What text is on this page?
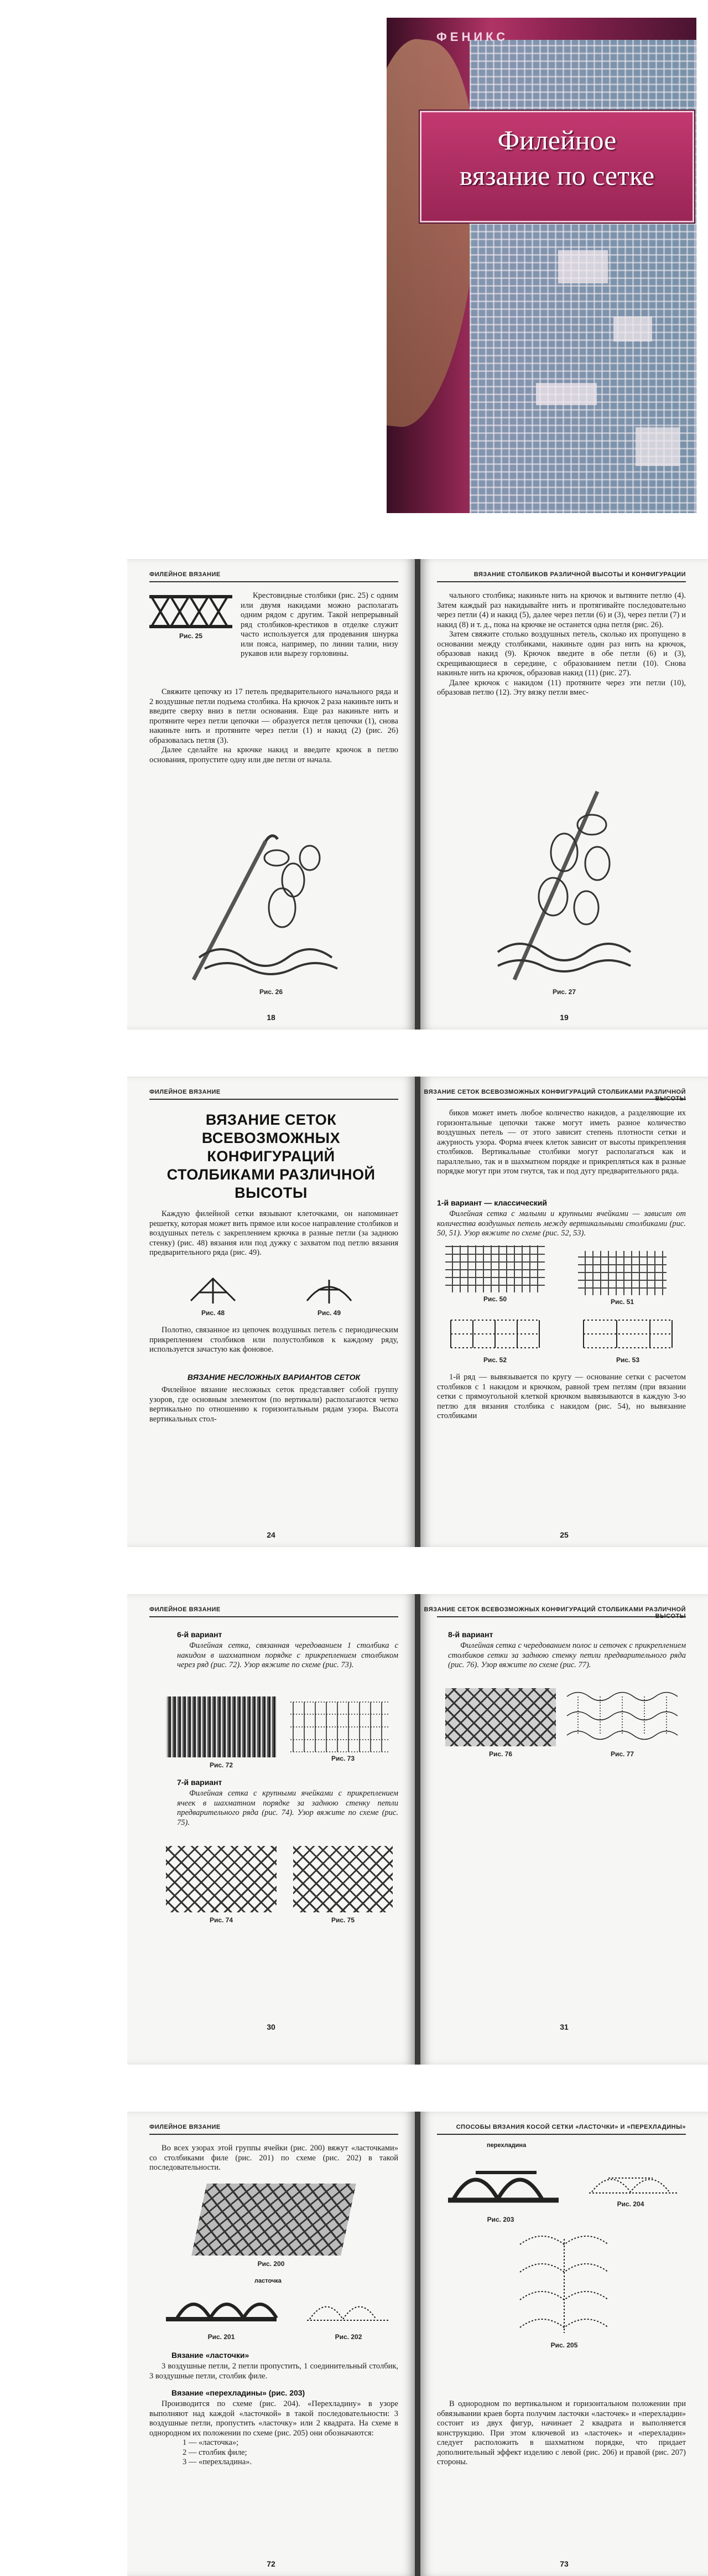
ФЕНИКС
Филейное
вязание по сетке
ФИЛЕЙНОЕ ВЯЗАНИЕ
Рис. 25

Крестовидные столбики (рис. 25) с одним или двумя накидами можно располагать одним рядом с другим. Такой непрерывный ряд столбиков-крестиков в отделке служит часто используется для продевания шнурка или пояса, например, по линии талии, низу рукавов или вырезу горловины.

Свяжите цепочку из 17 петель предварительного начального ряда и 2 воздушные петли подъема столбика. На крючок 2 раза накиньте нить и введите сверху вниз в петли основания. Еще раз накиньте нить и протяните через петли цепочки — образуется петля цепочки (1), снова накиньте нить и протяните через петли (1) и накид (2) (рис. 26) образовалась петля (3).

Далее сделайте на крючке накид и введите крючок в петлю основания, пропустите одну или две петли от начала.

Рис. 26
18
ВЯЗАНИЕ СТОЛБИКОВ РАЗЛИЧНОЙ ВЫСОТЫ И КОНФИГУРАЦИИ

чального столбика; накиньте нить на крючок и вытяните петлю (4). Затем каждый раз накидывайте нить и протягивайте последовательно через петли (4) и накид (5), далее через петли (6) и (3), через петли (7) и накид (8) и т. д., пока на крючке не останется одна петля (рис. 26).

Затем свяжите столько воздушных петель, сколько их пропущено в основании между столбиками, накиньте один раз нить на крючок, образовав накид (9). Крючок введите в обе петли (6) и (3), скрещивающиеся в середине, с образованием петли (10). Снова накиньте нить на крючок, образовав накид (11) (рис. 27).

Далее крючок с накидом (11) протяните через эти петли (10), образовав петлю (12). Эту вязку петли вмес-

Рис. 27
19
ФИЛЕЙНОЕ ВЯЗАНИЕ
ВЯЗАНИЕ СЕТОК ВСЕВОЗМОЖНЫХ КОНФИГУРАЦИЙ СТОЛБИКАМИ РАЗЛИЧНОЙ ВЫСОТЫ

Каждую филейной сетки вязывают клеточками, он напоминает решетку, которая может вить прямое или косое направление столбиков и воздушных петель с закреплением крючка в разные петли (за заднюю стенку) (рис. 48) вязания или под дужку с захватом под петлю вязания предварительного ряда (рис. 49).

Рис. 48	Рис. 49

Полотно, связанное из цепочек воздушных петель с периодическим прикреплением столбиков или полустолбиков к каждому ряду, используется зачастую как фоновое.

ВЯЗАНИЕ НЕСЛОЖНЫХ ВАРИАНТОВ СЕТОК

Филейное вязание несложных сеток представляет собой группу узоров, где основным элементом (по вертикали) располагаются четко вертикально по отношению к горизонтальным рядам узора. Высота вертикальных стол-

24
ВЯЗАНИЕ СЕТОК ВСЕВОЗМОЖНЫХ КОНФИГУРАЦИЙ СТОЛБИКАМИ РАЗЛИЧНОЙ

биков может иметь любое количество накидов, а разделяющие их горизонтальные цепочки также могут иметь разное количество воздушных петель — от этого зависит степень плотности сетки и ажурность узора. Форма ячеек клеток зависит от высоты прикрепления столбиков. Вертикальные столбики могут располагаться как и параллельно, так и в шахматном порядке и прикрепляться как в разные порядке могут при этом гнутся, так и под дугу предварительного ряда.

1-й вариант — классический

Филейная сетка с малыми и крупными ячейками — зависит от количества воздушных петель между вертикальными столбиками (рис. 50, 51). Узор вяжите по схеме (рис. 52, 53).

Рис. 50	Рис. 51
Рис. 52	Рис. 53

1-й ряд — вывязывается по кругу — основание сетки с расчетом столбиков с 1 накидом и крючком, равной трем петлям (при вязании сетки с прямоугольной клеткой крючком вывязываются в каждую 3-ю петлю для вязания столбика с накидом (рис. 54), но вывязание столбиками

25
ФИЛЕЙНОЕ ВЯЗАНИЕ
6-й вариант

Филейная сетка, связанная чередованием 1 столбика с накидом в шахматном порядке с прикреплением столбиком через ряд (рис. 72). Узор вяжите по схеме (рис. 73).

Рис. 72
Рис. 73
7-й вариант

Филейная сетка с крупными ячейками с прикреплением ячеек в шахматном порядке за заднюю стенку петли предварительного ряда (рис. 74). Узор вяжите по схеме (рис. 75).

Рис. 74	Рис. 75
30
ВЯЗАНИЕ СЕТОК ВСЕВОЗМОЖНЫХ КОНФИГУРАЦИЙ СТОЛБИКАМИ РАЗЛИЧНОЙ
8-й вариант

Филейная сетка с чередованием полос и сеточек с прикреплением столбиков сетки за заднюю стенку петли предварительного ряда (рис. 76). Узор вяжите по схеме (рис. 77).

Рис. 76	Рис. 77
31
ФИЛЕЙНОЕ ВЯЗАНИЕ

Во всех узорах этой группы ячейки (рис. 200) вяжут «ласточками» со столбиками филе (рис. 201) по схеме (рис. 202) в такой последовательности.

Рис. 200
ласточка
Рис. 201	Рис. 202
Вязание «ласточки»

3 воздушные петли, 2 петли пропустить, 1 соединительный столбик, 3 воздушные петли, столбик филе.

Вязание «перехладины» (рис. 203)

Производится по схеме (рис. 204). «Перехладину» в узоре выполняют над каждой «ласточкой» в такой последовательности: 3 воздушные петли, пропустить «ласточку» или 2 квадрата. На схеме в однородном их положении по схеме (рис. 205) они обозначаются:

1 — «ласточка»;
2 — столбик филе;
3 — «перехладина».
72
СПОСОБЫ ВЯЗАНИЯ КОСОЙ СЕТКИ «ЛАСТОЧКИ» И «ПЕРЕХЛАДИНЫ»
перехладина
Рис. 203
Рис. 204
Рис. 205

В однородном по вертикальном и горизонтальном положении при обвязывании краев борта получим ласточки «ласточек» и «перехладин» состоит из двух фигур, начинает 2 квадрата и выполняется конструкцию. При этом ключевой из «ласточек» и «перехладин» следует расположить в шахматном порядке, что придает дополнительный эффект изделию с левой (рис. 206) и правой (рис. 207) стороны.

73
